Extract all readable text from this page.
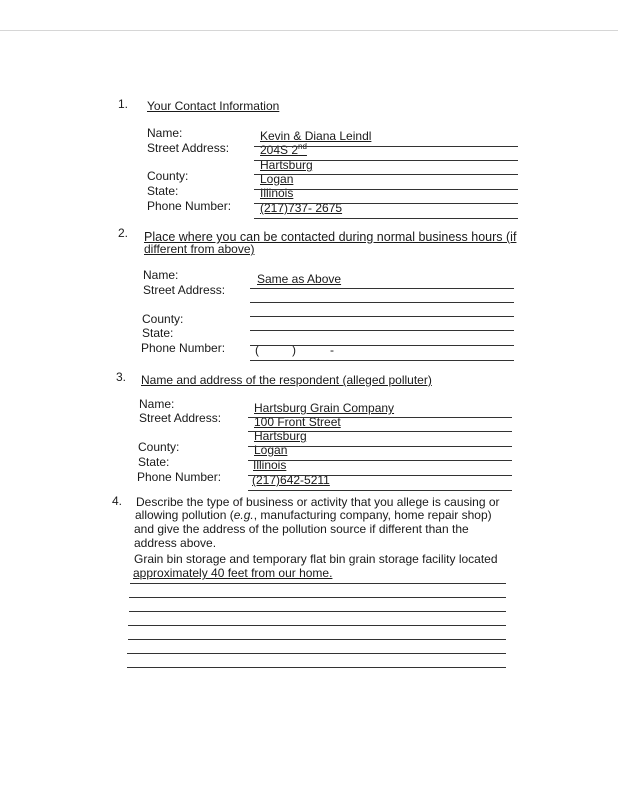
1. Your Contact Information
Name:
Street Address:
County:
State:
Phone Number:
Kevin & Diana Leindl
204S 2nd
Hartsburg
Logan
Illinois
(217)737- 2675
2. Place where you can be contacted during normal business hours (if
different from above)
Name:
Street Address:
County:
State:
Phone Number:
Same as Above
(	)	-
3. Name and address of the respondent (alleged polluter)
Name:
Street Address:
County:
State:
Phone Number:
Hartsburg Grain Company
100 Front Street
Hartsburg
Logan
Illinois
(217)642-5211
4. Describe the type of business or activity that you allege is causing or
allowing pollution (e.g., manufacturing company, home repair shop)
and give the address of the pollution source if different than the
address above.
Grain bin storage and temporary flat bin grain storage facility located
approximately 40 feet from our home.
